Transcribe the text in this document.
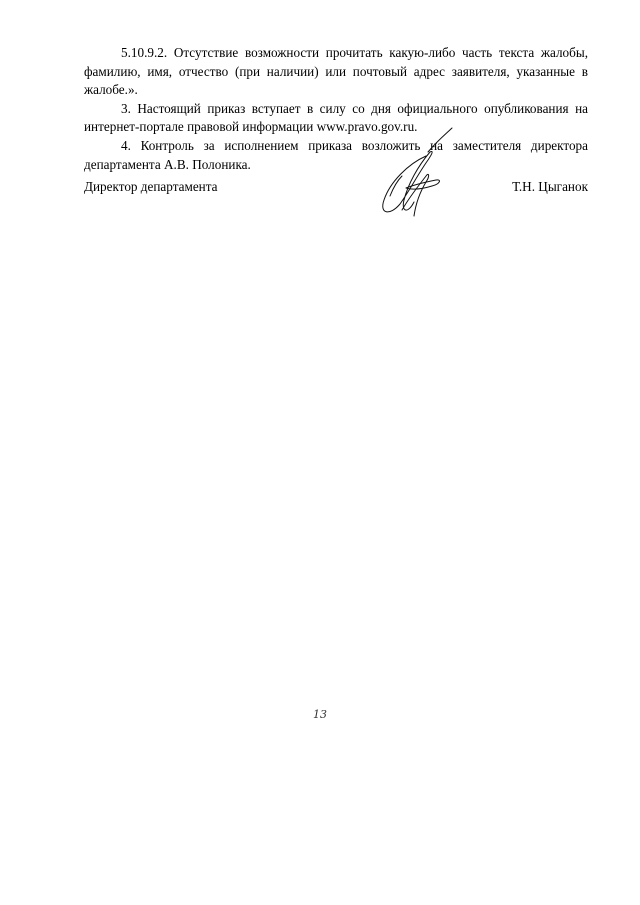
5.10.9.2. Отсутствие возможности прочитать какую-либо часть текста жалобы, фамилию, имя, отчество (при наличии) или почтовый адрес заявителя, указанные в жалобе.».

3. Настоящий приказ вступает в силу со дня официального опубликования на интернет-портале правовой информации www.pravo.gov.ru.

4. Контроль за исполнением приказа возложить на заместителя директора департамента А.В. Полоника.

Директор департамента	Т.Н. Цыганок
13
